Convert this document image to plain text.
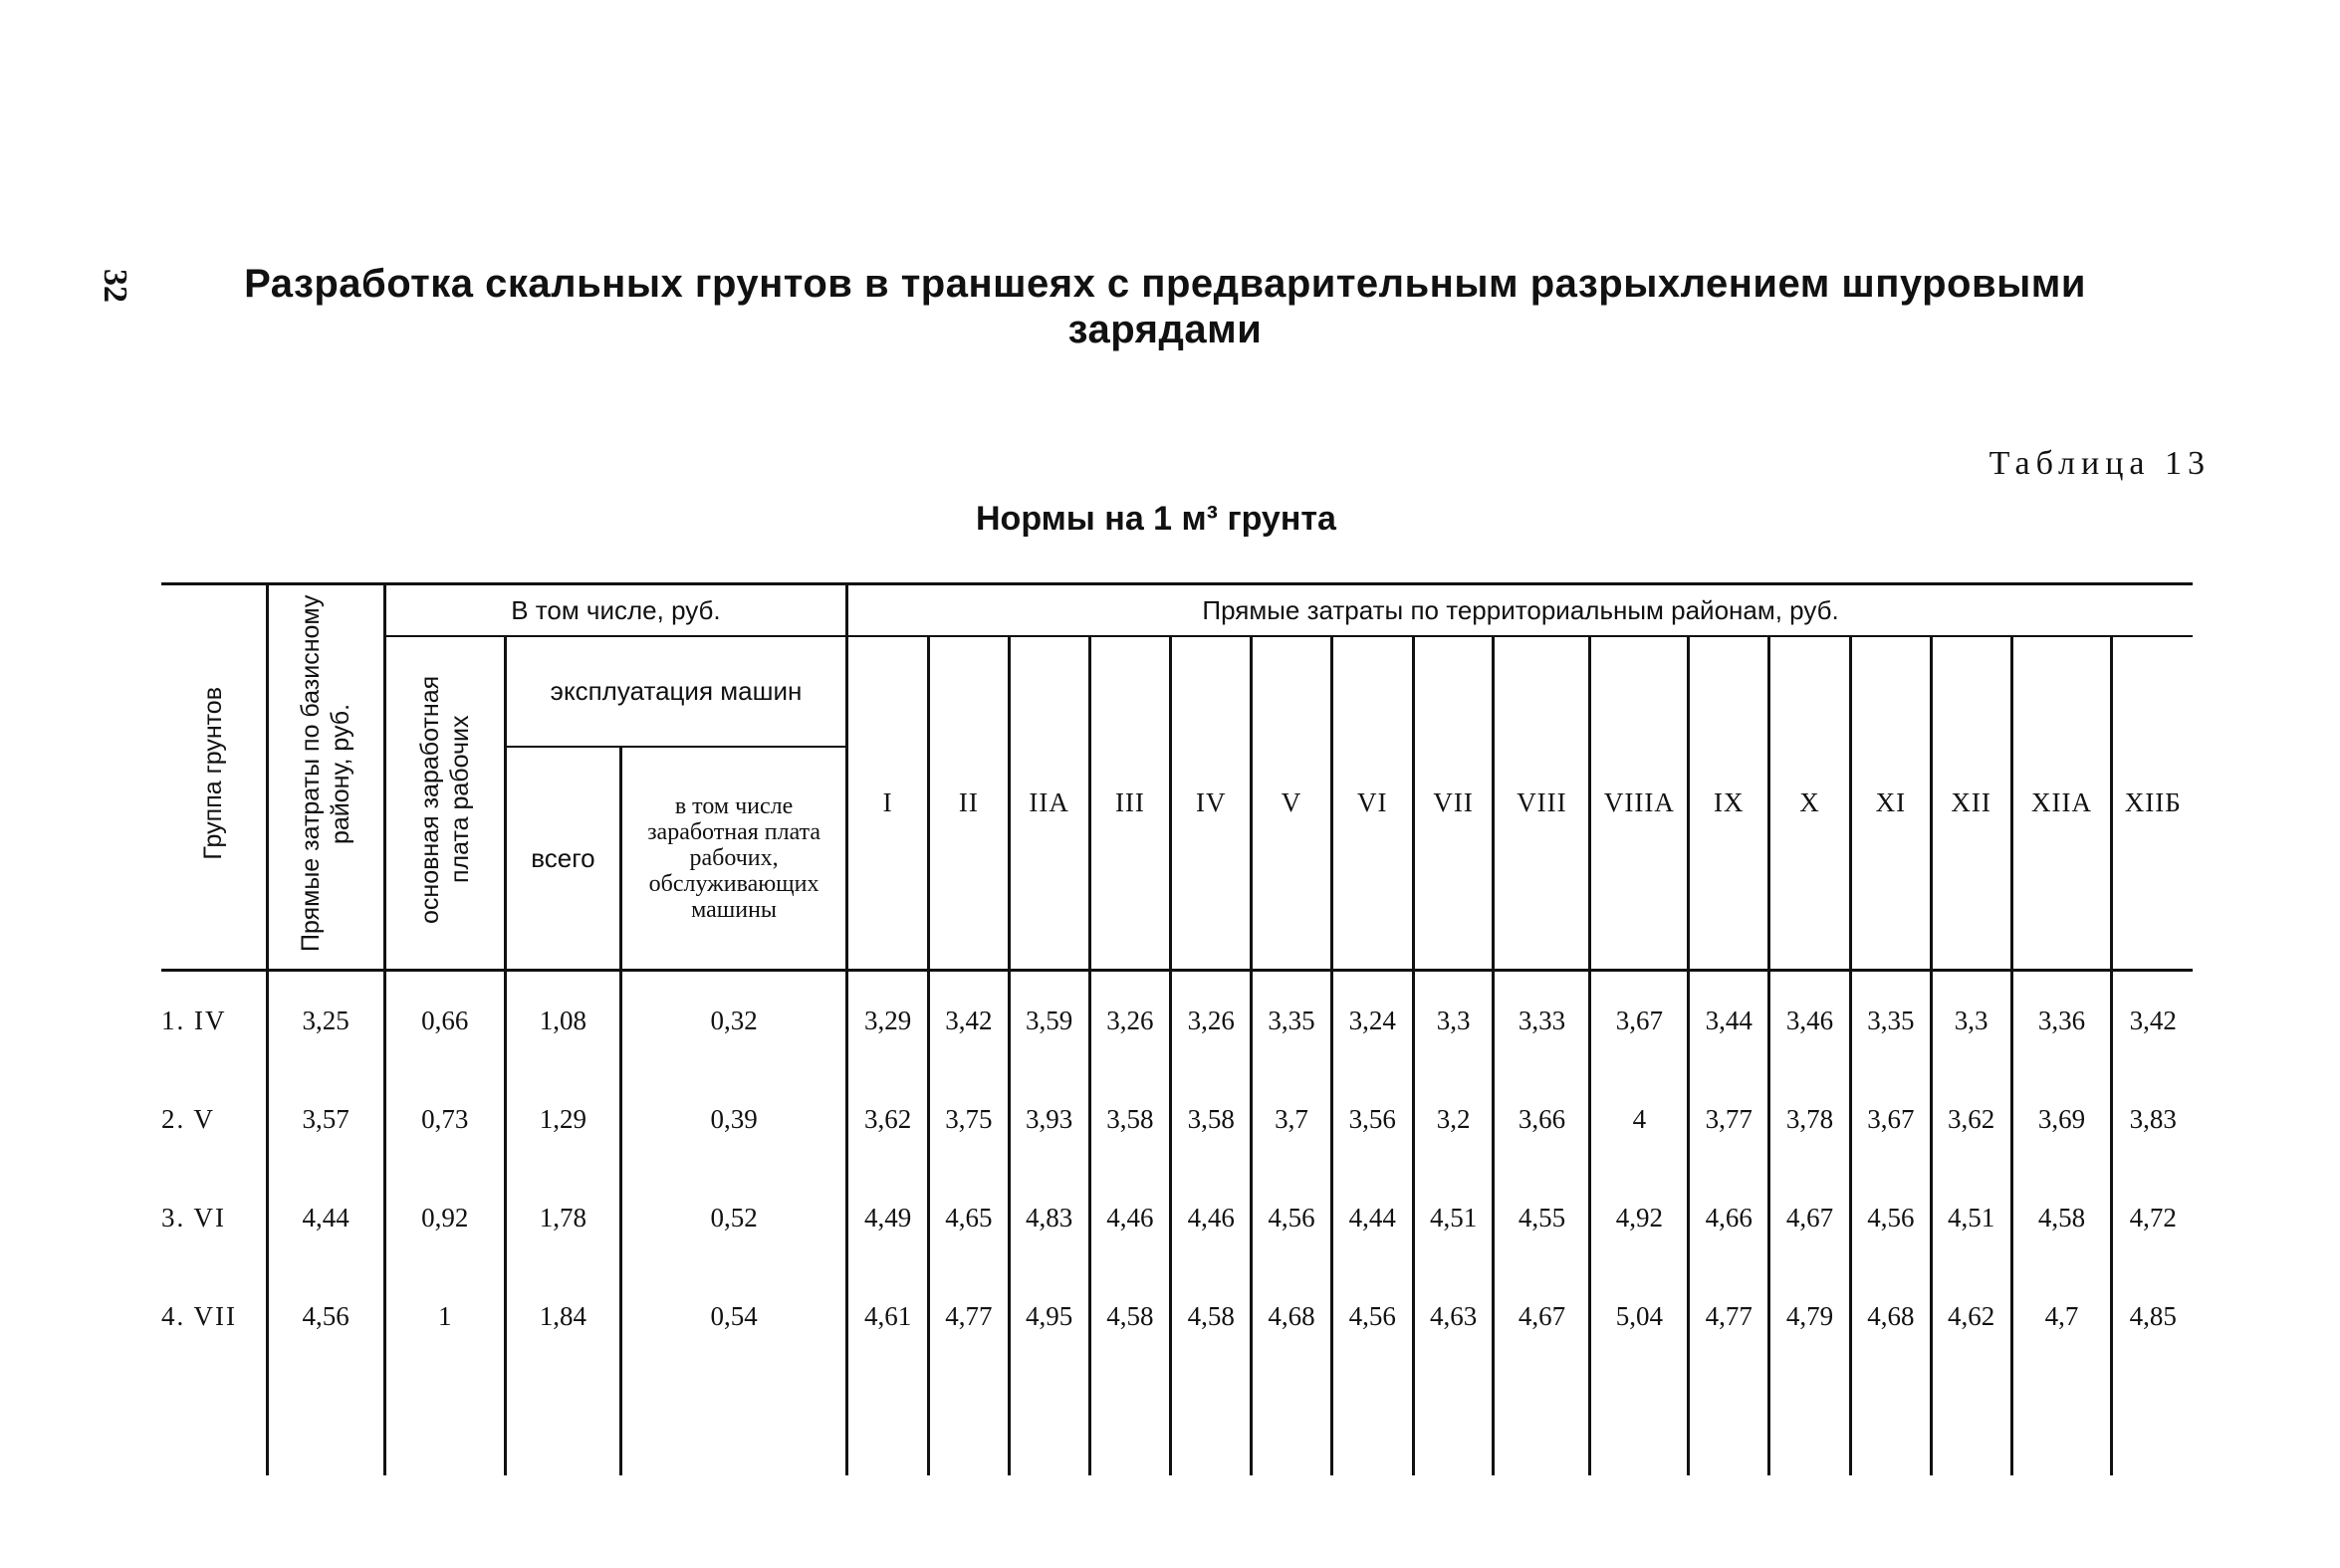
32	Разработка скальных грунтов в траншеях с предварительным разрыхлением шпуровыми зарядами
Таблица 13
Нормы на 1 м³ грунта
Группа грунтов	Прямые затраты по базисному району, руб.	В том числе, руб.			Прямые затраты по территориальным районам, руб.															
		основная заработная плата рабочих	эксплуатация машин		I	II	IIА	III	IV	V	VI	VII	VIII	VIIIА	IX	X	XI	XII	XIIА	XIIБ
			всего	в том числе заработная плата рабочих, обслуживающих машины																
1. IV	3,25	0,66	1,08	0,32	3,29	3,42	3,59	3,26	3,26	3,35	3,24	3,3	3,33	3,67	3,44	3,46	3,35	3,3	3,36	3,42
2. V	3,57	0,73	1,29	0,39	3,62	3,75	3,93	3,58	3,58	3,7	3,56	3,2	3,66	4	3,77	3,78	3,67	3,62	3,69	3,83
3. VI	4,44	0,92	1,78	0,52	4,49	4,65	4,83	4,46	4,46	4,56	4,44	4,51	4,55	4,92	4,66	4,67	4,56	4,51	4,58	4,72
4. VII	4,56	1	1,84	0,54	4,61	4,77	4,95	4,58	4,58	4,68	4,56	4,63	4,67	5,04	4,77	4,79	4,68	4,62	4,7	4,85
